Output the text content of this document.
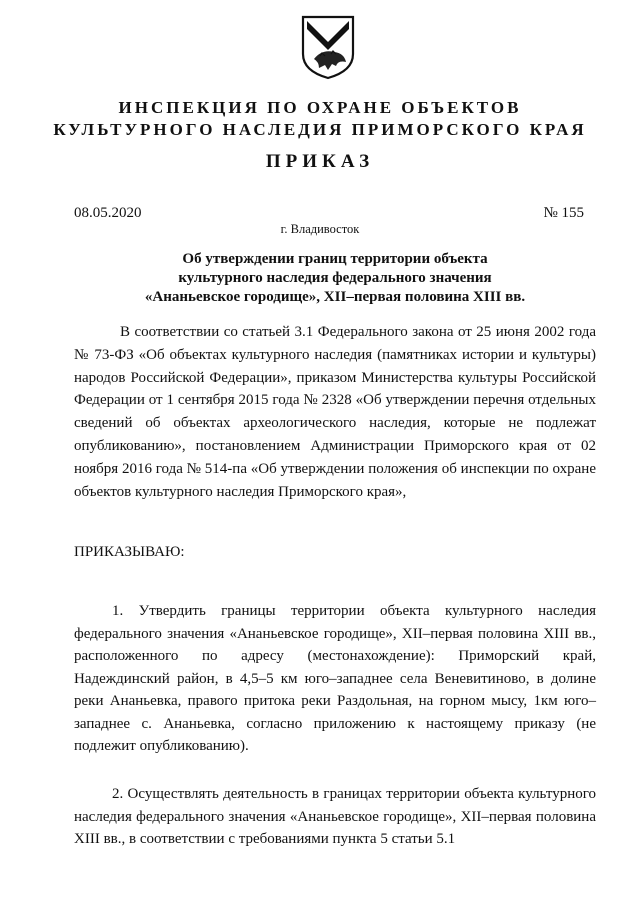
ИНСПЕКЦИЯ ПО ОХРАНЕ ОБЪЕКТОВ
КУЛЬТУРНОГО НАСЛЕДИЯ ПРИМОРСКОГО КРАЯ
ПРИКАЗ
08.05.2020	№ 155
г. Владивосток
Об утверждении границ территории объекта
культурного наследия федерального значения
«Ананьевское городище», XII–первая половина XIII вв.
В соответствии со статьей 3.1 Федерального закона от 25 июня 2002 года № 73-ФЗ «Об объектах культурного наследия (памятниках истории и культуры) народов Российской Федерации», приказом Министерства культуры Российской Федерации от 1 сентября 2015 года № 2328 «Об утверждении перечня отдельных сведений об объектах археологического наследия, которые не подлежат опубликованию», постановлением Администрации Приморского края от 02 ноября 2016 года № 514-па «Об утверждении положения об инспекции по охране объектов культурного наследия Приморского края»,
ПРИКАЗЫВАЮ:
1. Утвердить границы территории объекта культурного наследия федерального значения «Ананьевское городище», XII–первая половина XIII вв., расположенного по адресу (местонахождение): Приморский край, Надеждинский район, в 4,5–5 км юго–западнее села Веневитиново, в долине реки Ананьевка, правого притока реки Раздольная, на горном мысу, 1км юго–западнее с. Ананьевка, согласно приложению к настоящему приказу (не подлежит опубликованию).
2. Осуществлять деятельность в границах территории объекта культурного наследия федерального значения «Ананьевское городище», XII–первая половина XIII вв., в соответствии с требованиями пункта 5 статьи 5.1
